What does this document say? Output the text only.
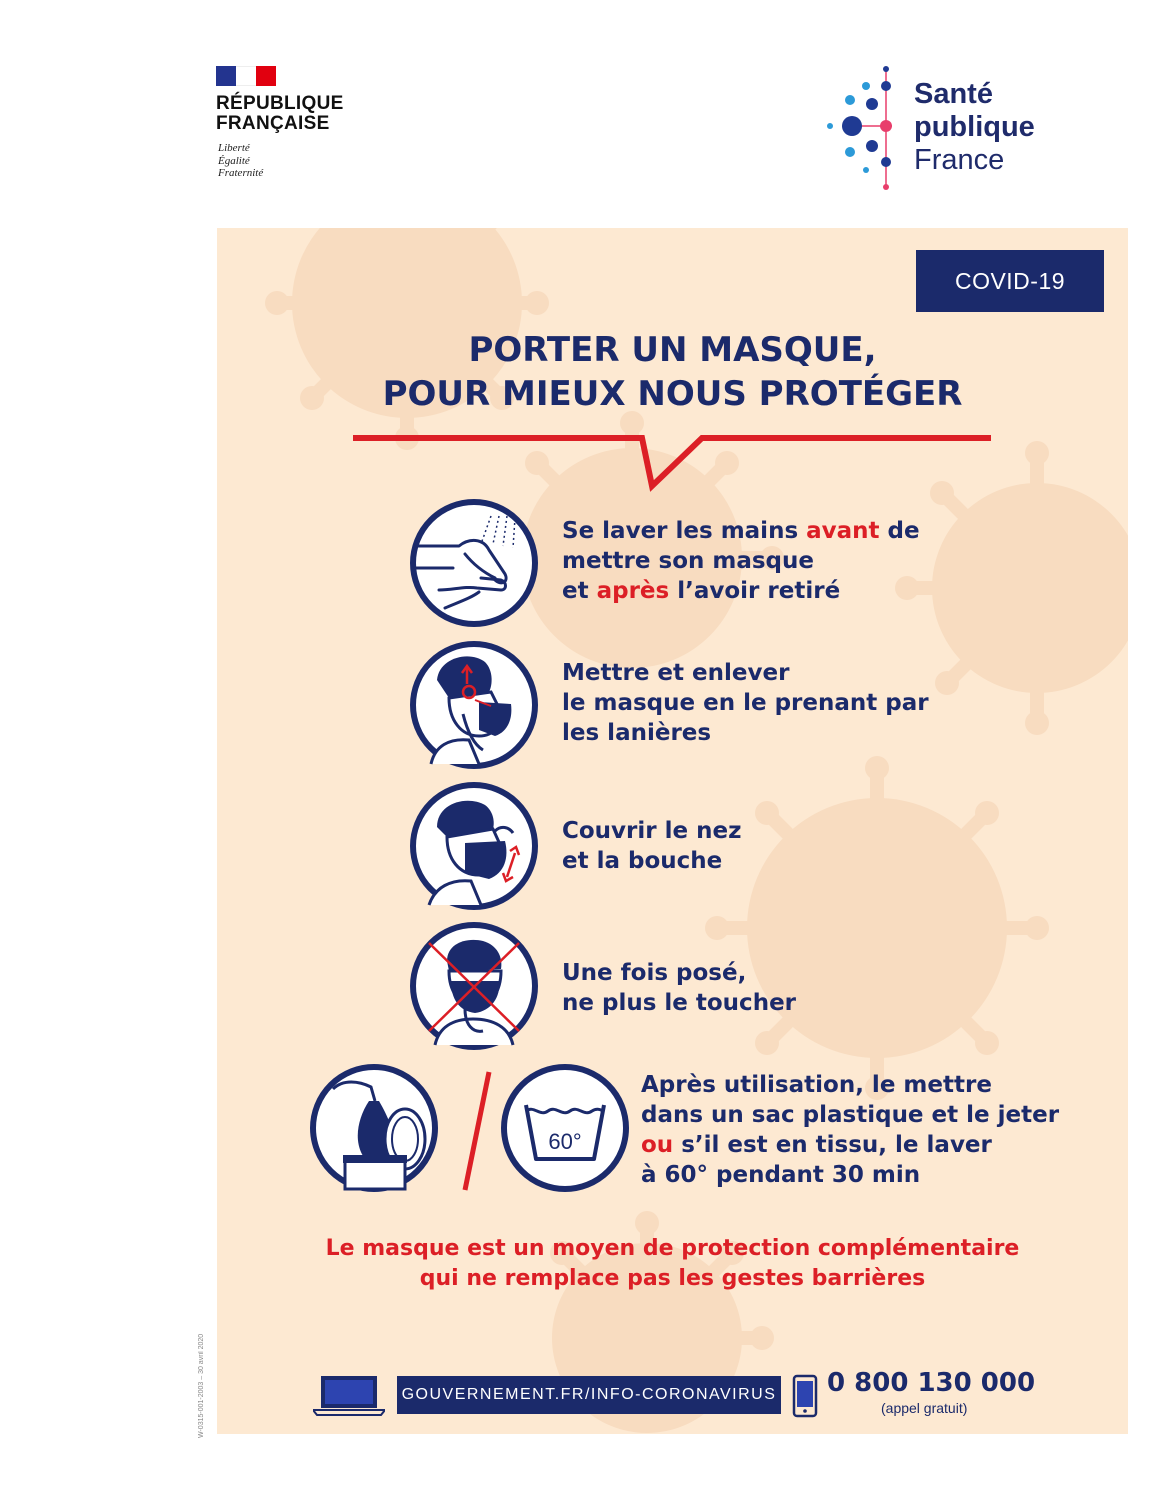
RÉPUBLIQUE
FRANÇAISE
Liberté
Égalité
Fraternité
Santé
publique
France
COVID-19
PORTER UN MASQUE,
POUR MIEUX NOUS PROTÉGER
Se laver les mains avant de
mettre son masque
et après l’avoir retiré
Mettre et enlever
le masque en le prenant par
les lanières
Couvrir le nez
et la bouche
Une fois posé,
ne plus le toucher
60°
Après utilisation, le mettre
dans un sac plastique et le jeter
ou s’il est en tissu, le laver
à 60° pendant 30 min
Le masque est un moyen de protection complémentaire
qui ne remplace pas les gestes barrières
GOUVERNEMENT.FR/INFO-CORONAVIRUS 0 800 130 000
(appel gratuit)
W-0315-001-2003 – 30 avril 2020
